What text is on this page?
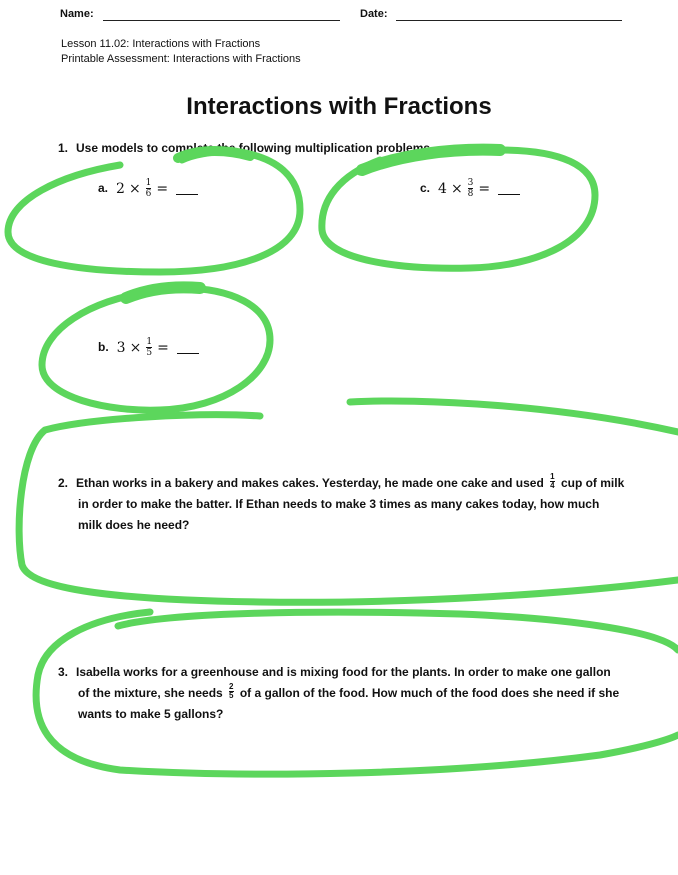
Name:	Date:
Lesson 11.02: Interactions with Fractions
Printable Assessment: Interactions with Fractions
Interactions with Fractions
1. Use models to complete the following multiplication problems.
a. $2 \times \frac{1}{6}$ =	c. $4 \times \frac{3}{8}$ =
b. $3 \times \frac{1}{5}$ =
2. Ethan works in a bakery and makes cakes. Yesterday, he made one cake and used $\frac{1}{4}$ cup of milk
in order to make the batter. If Ethan needs to make 3 times as many cakes today, how much
milk does he need?
3. Isabella works for a greenhouse and is mixing food for the plants. In order to make one gallon
of the mixture, she needs $\frac{2}{5}$ of a gallon of the food. How much of the food does she need if she
wants to make 5 gallons?
